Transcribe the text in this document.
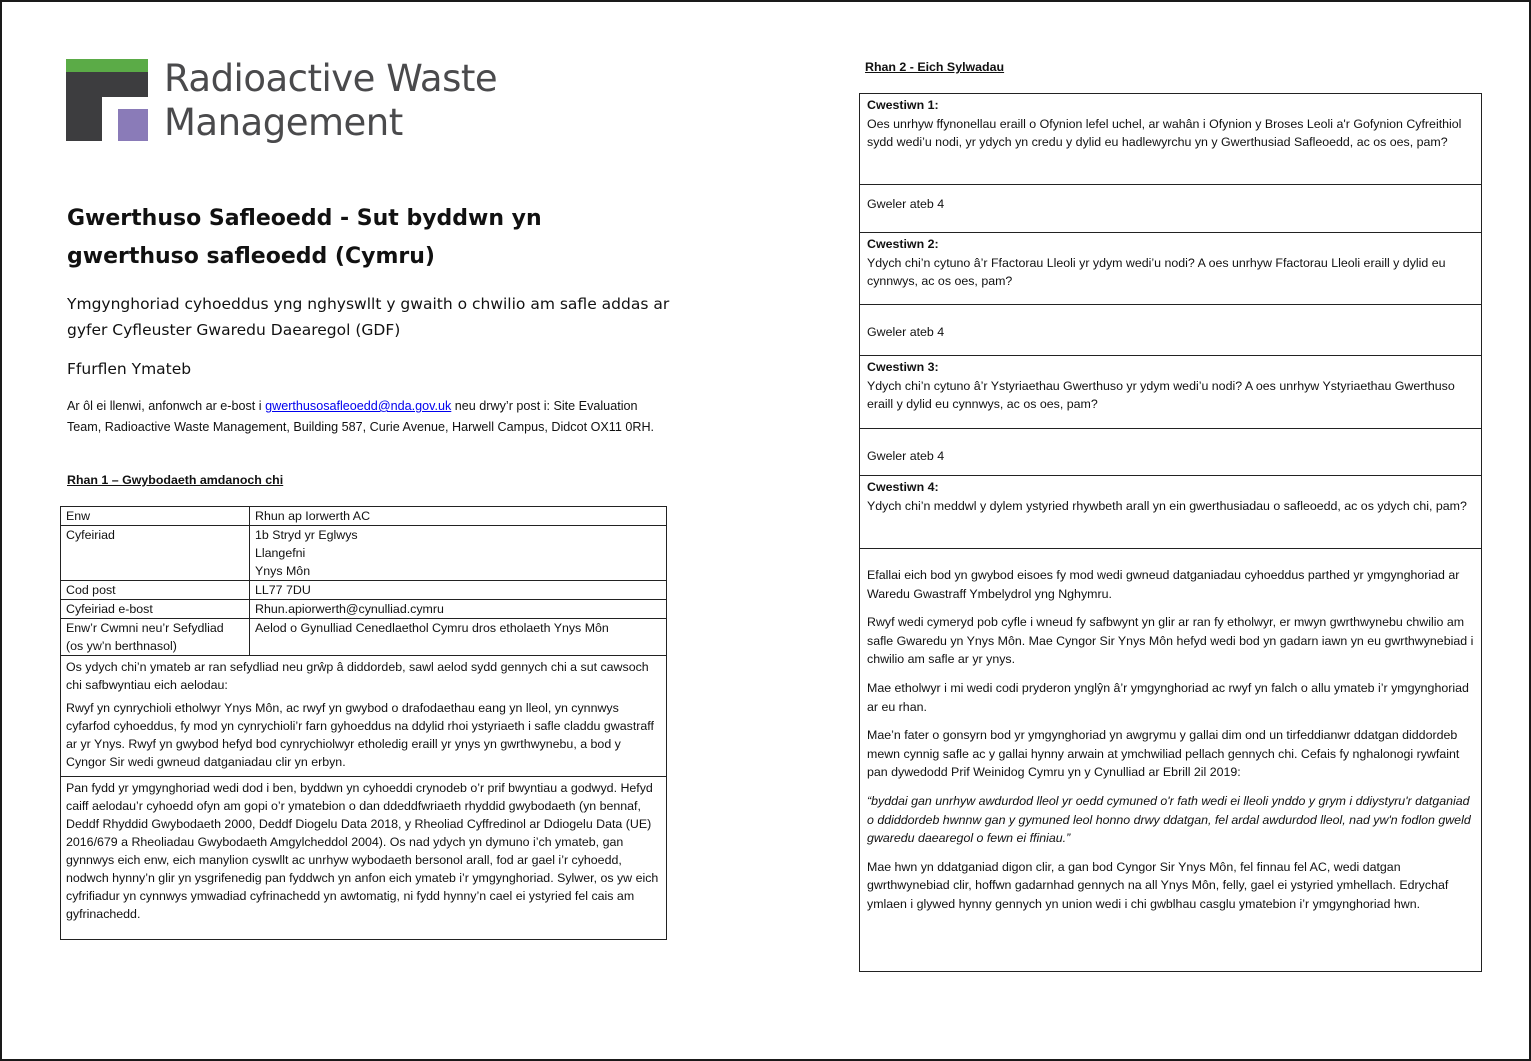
Radioactive Waste
Management
Gwerthuso Safleoedd - Sut byddwn yn gwerthuso safleoedd (Cymru)
Ymgynghoriad cyhoeddus yng nghyswllt y gwaith o chwilio am safle addas ar gyfer Cyfleuster Gwaredu Daearegol (GDF)
Ffurflen Ymateb
Ar ôl ei llenwi, anfonwch ar e-bost i gwerthusosafleoedd@nda.gov.uk neu drwy’r post i: Site Evaluation Team, Radioactive Waste Management, Building 587, Curie Avenue, Harwell Campus, Didcot OX11 0RH.
Rhan 1 – Gwybodaeth amdanoch chi
Enw	Rhun ap Iorwerth AC

Cyfeiriad	1b Stryd yr Eglwys
Llangefni
Ynys Môn

Cod post	LL77 7DU

Cyfeiriad e-bost	Rhun.apiorwerth@cynulliad.cymru

Enw’r Cwmni neu’r Sefydliad (os yw’n berthnasol)	Aelod o Gynulliad Cenedlaethol Cymru dros etholaeth Ynys Môn

Os ydych chi’n ymateb ar ran sefydliad neu grŵp â diddordeb, sawl aelod sydd gennych chi a sut cawsoch chi safbwyntiau eich aelodau:

Rwyf yn cynrychioli etholwyr Ynys Môn, ac rwyf yn gwybod o drafodaethau eang yn lleol, yn cynnwys cyfarfod cyhoeddus, fy mod yn cynrychioli’r farn gyhoeddus na ddylid rhoi ystyriaeth i safle claddu gwastraff ar yr Ynys. Rwyf yn gwybod hefyd bod cynrychiolwyr etholedig eraill yr ynys yn gwrthwynebu, a bod y Cyngor Sir wedi gwneud datganiadau clir yn erbyn.	

Pan fydd yr ymgynghoriad wedi dod i ben, byddwn yn cyhoeddi crynodeb o’r prif bwyntiau a godwyd. Hefyd caiff aelodau’r cyhoedd ofyn am gopi o’r ymatebion o dan ddeddfwriaeth rhyddid gwybodaeth (yn bennaf, Deddf Rhyddid Gwybodaeth 2000, Deddf Diogelu Data 2018, y Rheoliad Cyffredinol ar Ddiogelu Data (UE) 2016/679 a Rheoliadau Gwybodaeth Amgylcheddol 2004). Os nad ydych yn dymuno i’ch ymateb, gan gynnwys eich enw, eich manylion cyswllt ac unrhyw wybodaeth bersonol arall, fod ar gael i’r cyhoedd, nodwch hynny’n glir yn ysgrifenedig pan fyddwch yn anfon eich ymateb i’r ymgynghoriad. Sylwer, os yw eich cyfrifiadur yn cynnwys ymwadiad cyfrinachedd yn awtomatig, ni fydd hynny’n cael ei ystyried fel cais am gyfrinachedd.	

Rhan 2 - Eich Sylwadau
Cwestiwn 1:
Oes unrhyw ffynonellau eraill o Ofynion lefel uchel, ar wahân i Ofynion y Broses Leoli a'r Gofynion Cyfreithiol sydd wedi’u nodi, yr ydych yn credu y dylid eu hadlewyrchu yn y Gwerthusiad Safleoedd, ac os oes, pam?
Gweler ateb 4

Cwestiwn 2:
Ydych chi’n cytuno â’r Ffactorau Lleoli yr ydym wedi’u nodi? A oes unrhyw Ffactorau Lleoli eraill y dylid eu cynnwys, ac os oes, pam?
Gweler ateb 4

Cwestiwn 3:
Ydych chi’n cytuno â’r Ystyriaethau Gwerthuso yr ydym wedi’u nodi? A oes unrhyw Ystyriaethau Gwerthuso eraill y dylid eu cynnwys, ac os oes, pam?
Gweler ateb 4

Cwestiwn 4:
Ydych chi’n meddwl y dylem ystyried rhywbeth arall yn ein gwerthusiadau o safleoedd, ac os ydych chi, pam?

Efallai eich bod yn gwybod eisoes fy mod wedi gwneud datganiadau cyhoeddus parthed yr ymgynghoriad ar Waredu Gwastraff Ymbelydrol yng Nghymru.

Rwyf wedi cymeryd pob cyfle i wneud fy safbwynt yn glir ar ran fy etholwyr, er mwyn gwrthwynebu chwilio am safle Gwaredu yn Ynys Môn. Mae Cyngor Sir Ynys Môn hefyd wedi bod yn gadarn iawn yn eu gwrthwynebiad i chwilio am safle ar yr ynys.

Mae etholwyr i mi wedi codi pryderon ynglŷn â’r ymgynghoriad ac rwyf yn falch o allu ymateb i’r ymgynghoriad ar eu rhan.

Mae’n fater o gonsyrn bod yr ymgynghoriad yn awgrymu y gallai dim ond un tirfeddianwr ddatgan diddordeb mewn cynnig safle ac y gallai hynny arwain at ymchwiliad pellach gennych chi. Cefais fy nghalonogi rywfaint pan dywedodd Prif Weinidog Cymru yn y Cynulliad ar Ebrill 2il 2019:

“byddai gan unrhyw awdurdod lleol yr oedd cymuned o'r fath wedi ei lleoli ynddo y grym i ddiystyru'r datganiad o ddiddordeb hwnnw gan y gymuned leol honno drwy ddatgan, fel ardal awdurdod lleol, nad yw'n fodlon gweld gwaredu daearegol o fewn ei ffiniau.”

Mae hwn yn ddatganiad digon clir, a gan bod Cyngor Sir Ynys Môn, fel finnau fel AC, wedi datgan gwrthwynebiad clir, hoffwn gadarnhad gennych na all Ynys Môn, felly, gael ei ystyried ymhellach. Edrychaf ymlaen i glywed hynny gennych yn union wedi i chi gwblhau casglu ymatebion i’r ymgynghoriad hwn.
